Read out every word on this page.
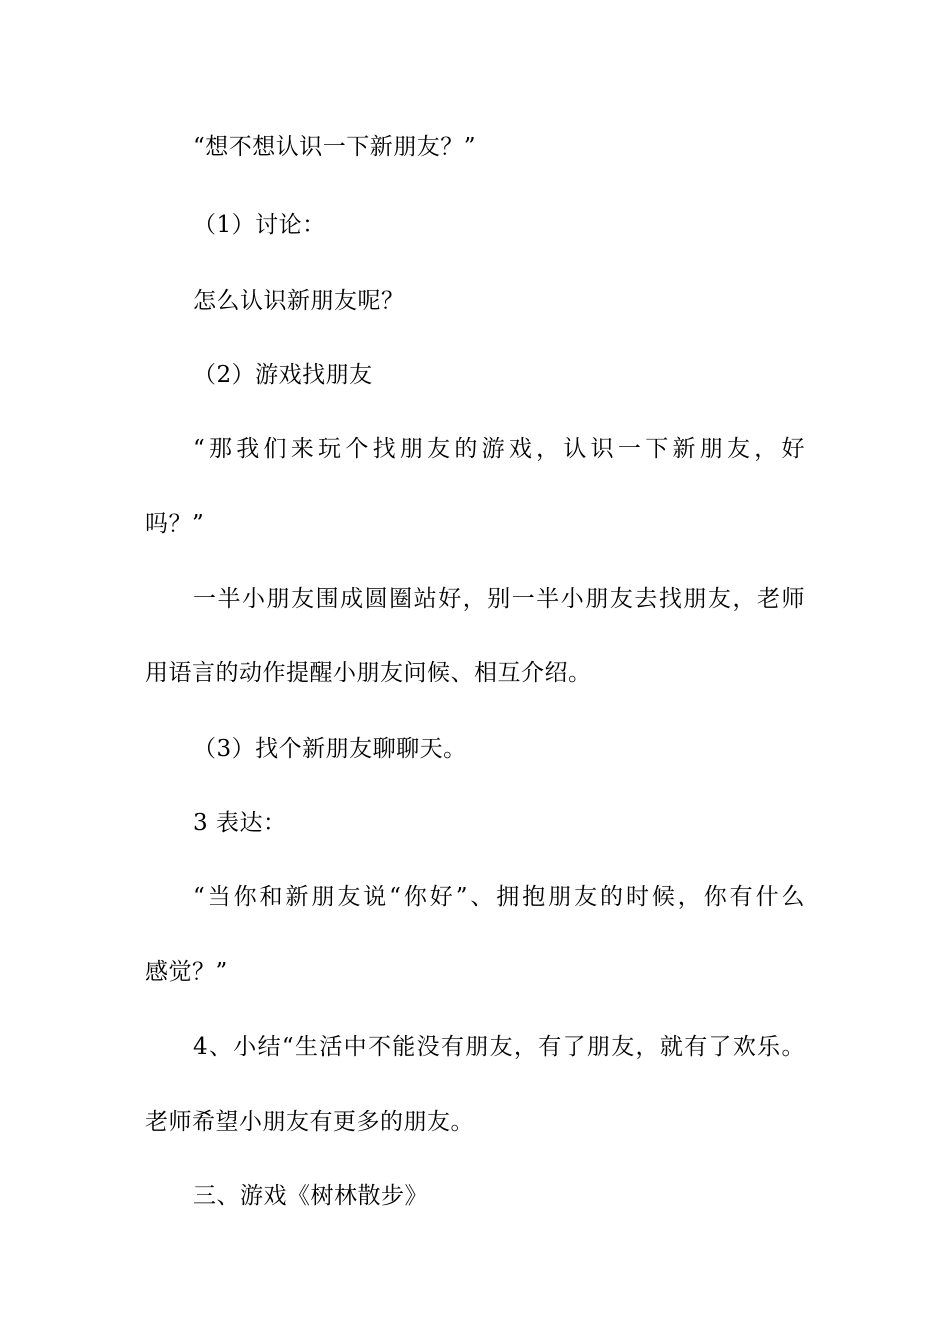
“想不想认识一下新朋友？”
（1）讨论：
怎么认识新朋友呢？
（2）游戏找朋友
“那我们来玩个找朋友的游戏，认识一下新朋友，好
吗？”
一半小朋友围成圆圈站好，别一半小朋友去找朋友，老师
用语言的动作提醒小朋友问候、相互介绍。
（3）找个新朋友聊聊天。
3 表达：
“当你和新朋友说“你好”、拥抱朋友的时候，你有什么
感觉？”
4、小结“生活中不能没有朋友，有了朋友，就有了欢乐。
老师希望小朋友有更多的朋友。
三、游戏《树林散步》
